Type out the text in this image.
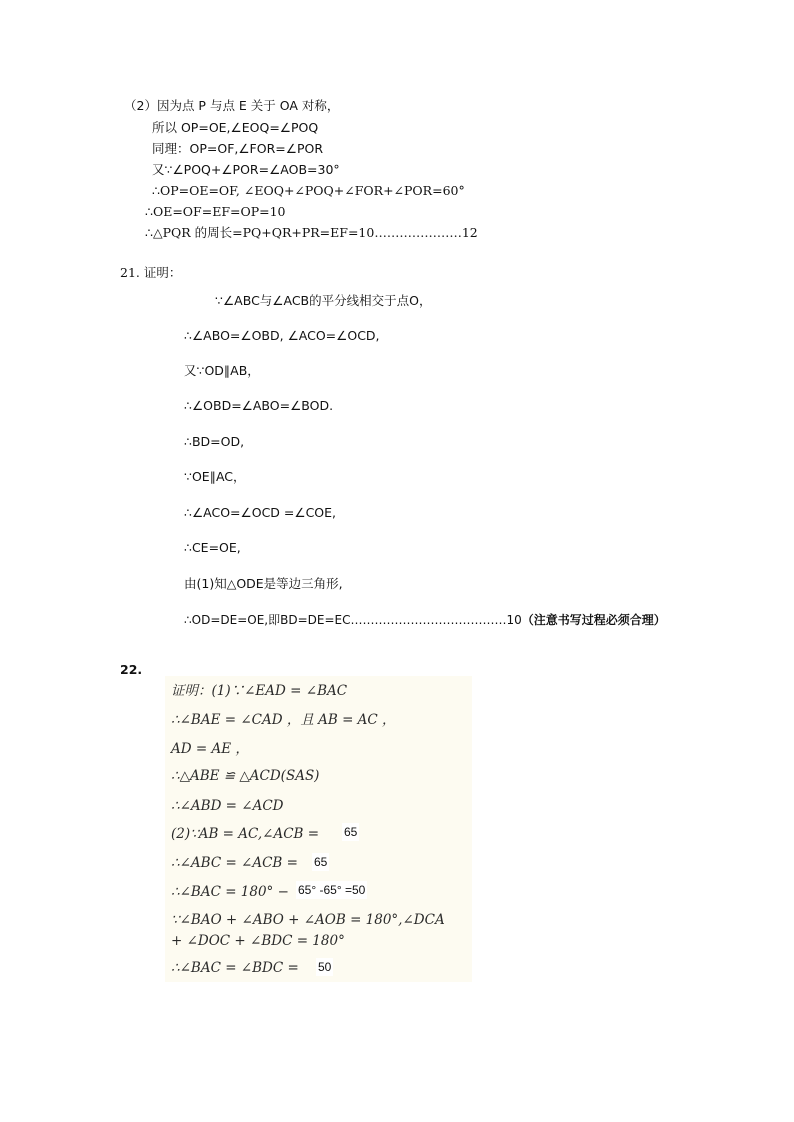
（2）因为点 P 与点 E 关于 OA 对称，
所以 OP=OE,∠EOQ=∠POQ
同理：OP=OF,∠FOR=∠POR
又∵∠POQ+∠POR=∠AOB=30°
∴OP=OE=OF, ∠EOQ+∠POQ+∠FOR+∠POR=60°
∴OE=OF=EF=OP=10
∴△PQR 的周长=PQ+QR+PR=EF=10…………………12
21. 证明：
∵∠ABC与∠ACB的平分线相交于点O，
∴∠ABO=∠OBD, ∠ACO=∠OCD,
又∵OD∥AB，
∴∠OBD=∠ABO=∠BOD.
∴BD=OD,
∵OE∥AC，
∴∠ACO=∠OCD =∠COE,
∴CE=OE,
由(1)知△ODE是等边三角形,
∴OD=DE=OE,即BD=DE=EC…………………………………10（注意书写过程必须合理）
22.
证明：(1)∵∠EAD = ∠BAC
∴∠BAE = ∠CAD ，且 AB = AC ，
AD = AE ，
∴△ABE ≌ △ACD(SAS)
∴∠ABD = ∠ACD
(2)∵AB = AC,∠ACB =
∴∠ABC = ∠ACB =
∴∠BAC = 180° −
∵∠BAO + ∠ABO + ∠AOB = 180°,∠DCA
+ ∠DOC + ∠BDC = 180°
∴∠BAC = ∠BDC =
65
65
65° -65° =50
50
